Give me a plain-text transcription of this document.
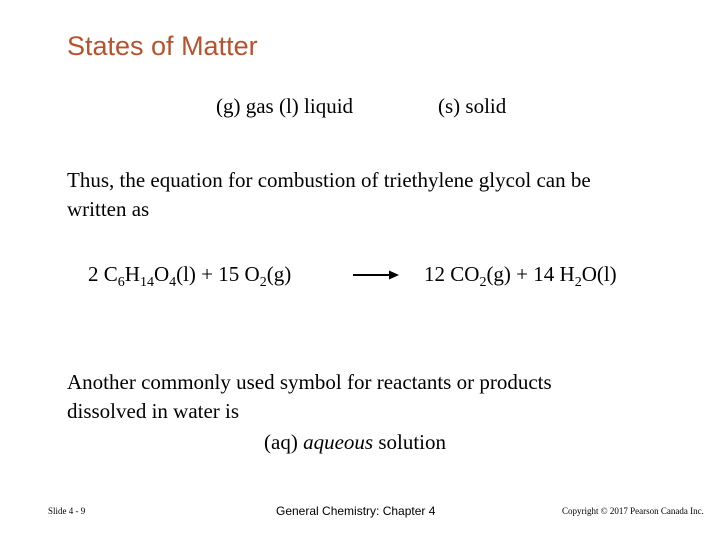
States of Matter
(g) gas (l) liquid	(s) solid
Thus, the equation for combustion of triethylene glycol can be
written as
2 $C_6H_{14}O_4(l) + 15$ $O_2(g)$	12 $CO_2(g) + 14$ $H_2O(l)$
Another commonly used symbol for reactants or products
dissolved in water is
(aq) aqueous solution
Slide 4 - 9	General Chemistry: Chapter 4	Copyright © 2017 Pearson Canada Inc.
